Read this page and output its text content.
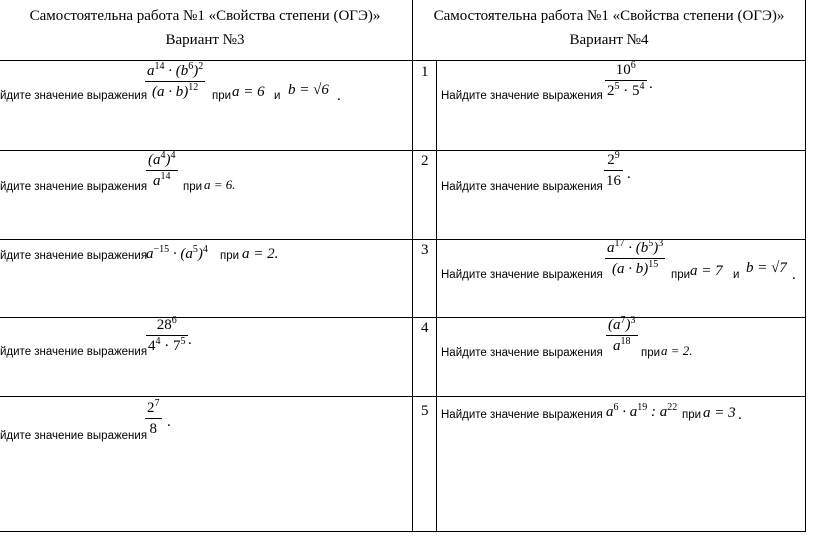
Самостоятельна работа №1 «Свойства степени (ОГЭ)»
Вариант №3
Самостоятельна работа №1 «Свойства степени (ОГЭ)»
Вариант №4
йдите значение выражения
$a^{14} \cdot (b^6)^2$
$(a \cdot b)^{12}$
при a = 6 и b = √6 .
йдите значение выражения
$(a^4)^4$
$a^{14}$
при a = 6.
йдите значение выражения
$a^{-15} \cdot (a^5)^4$
при a = 2.
йдите значение выражения
$28^6$
$4^4 \cdot 7^5$ .
йдите значение выражения
$2^7$
8 .
1
Найдите значение выражения
$10^6$
$2^5 \cdot 5^4$ .
2
Найдите значение выражения
$2^9$
16 .
3
Найдите значение выражения
$a^{17} \cdot (b^5)^3$
$(a \cdot b)^{15}$
при a = 7 и b = √7 .
4
Найдите значение выражения
$(a^7)^3$
$a^{18}$
при a = 2.
5 Найдите значение выражения $a^6 \cdot a^{19}$ : $a^{22}$
при a = 3 .
